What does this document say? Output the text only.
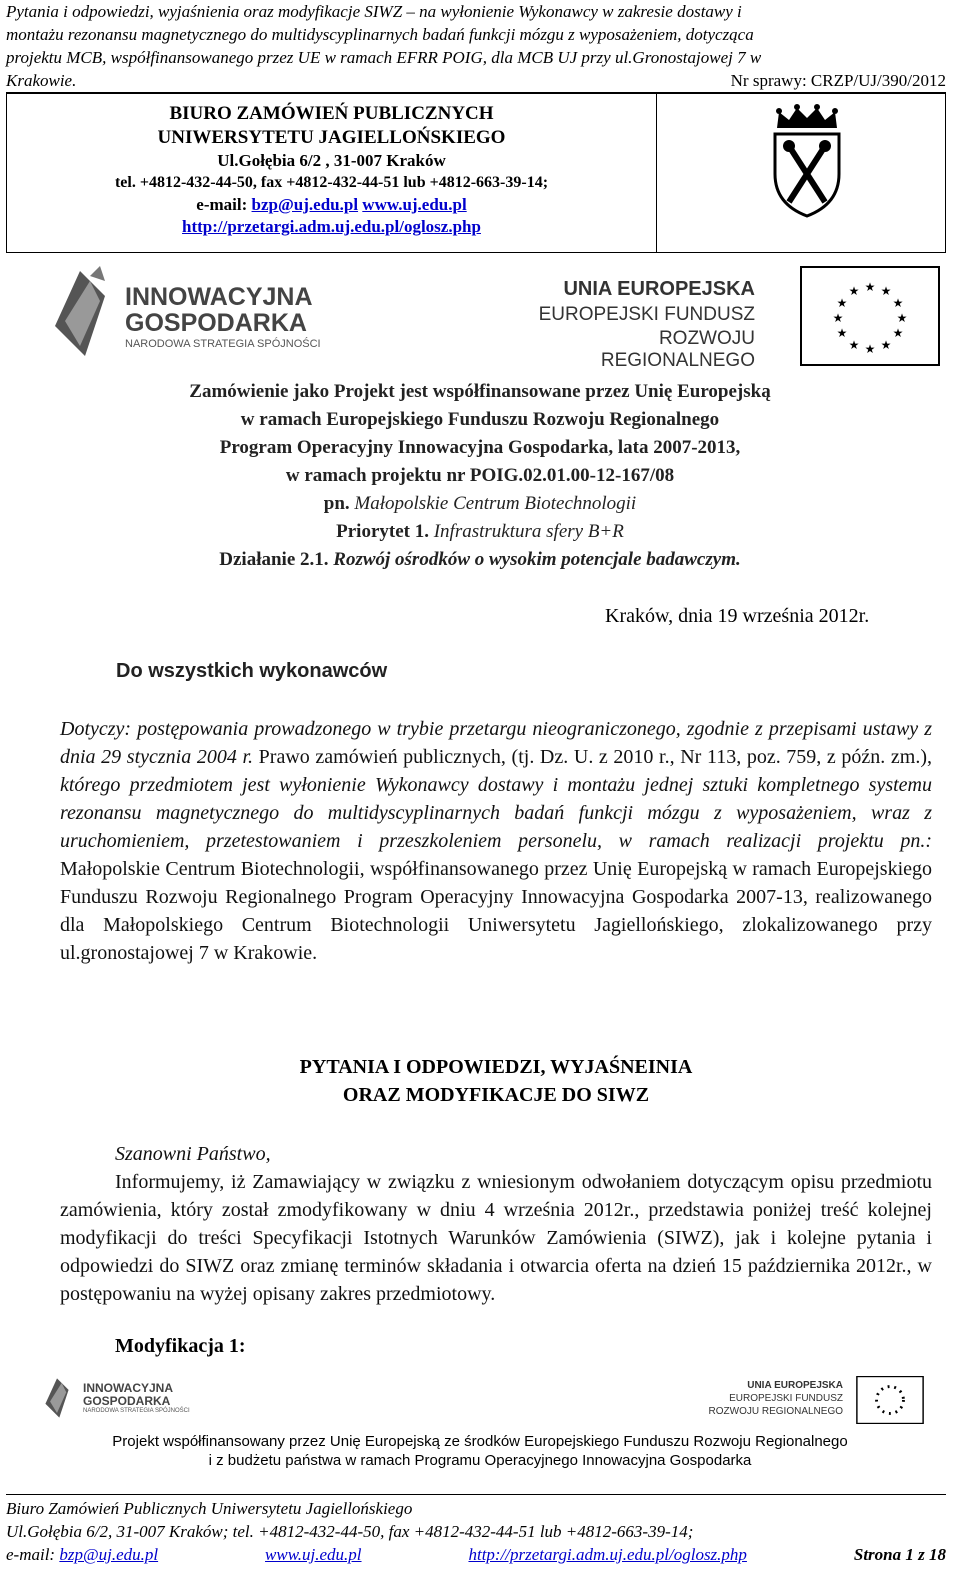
Pytania i odpowiedzi, wyjaśnienia oraz modyfikacje SIWZ – na wyłonienie Wykonawcy w zakresie dostawy i
montażu rezonansu magnetycznego do multidyscyplinarnych badań funkcji mózgu z wyposażeniem, dotycząca
projektu MCB, współfinansowanego przez UE w ramach EFRR POIG, dla MCB UJ przy ul.Gronostajowej 7 w
Krakowie.	Nr sprawy: CRZP/UJ/390/2012
BIURO ZAMÓWIEŃ PUBLICZNYCH
UNIWERSYTETU JAGIELLOŃSKIEGO
Ul.Gołębia 6/2 , 31-007 Kraków
tel. +4812-432-44-50, fax +4812-432-44-51 lub +4812-663-39-14;
e-mail: bzp@uj.edu.pl www.uj.edu.pl
http://przetargi.adm.uj.edu.pl/oglosz.php
INNOWACYJNA
GOSPODARKA
NARODOWA STRATEGIA SPÓJNOŚCI
UNIA EUROPEJSKA
EUROPEJSKI FUNDUSZ
ROZWOJU REGIONALNEGO
★ ★
★
★
★
★
★
★
★
★
★
★
Zamówienie jako Projekt jest współfinansowane przez Unię Europejską
w ramach Europejskiego Funduszu Rozwoju Regionalnego
Program Operacyjny Innowacyjna Gospodarka, lata 2007-2013,
w ramach projektu nr POIG.02.01.00-12-167/08
pn. Małopolskie Centrum Biotechnologii
Priorytet 1. Infrastruktura sfery B+R
Działanie 2.1. Rozwój ośrodków o wysokim potencjale badawczym.
Kraków, dnia 19 września 2012r.
Do wszystkich wykonawców
Dotyczy: postępowania prowadzonego w trybie przetargu nieograniczonego, zgodnie z przepisami ustawy z dnia 29 stycznia 2004 r. Prawo zamówień publicznych, (tj. Dz. U. z 2010 r., Nr 113, poz. 759, z późn. zm.), którego przedmiotem jest wyłonienie Wykonawcy dostawy i montażu jednej sztuki kompletnego systemu rezonansu magnetycznego do multidyscyplinarnych badań funkcji mózgu z wyposażeniem, wraz z uruchomieniem, przetestowaniem i przeszkoleniem personelu, w ramach realizacji projektu pn.: Małopolskie Centrum Biotechnologii, współfinansowanego przez Unię Europejską w ramach Europejskiego Funduszu Rozwoju Regionalnego Program Operacyjny Innowacyjna Gospodarka 2007-13, realizowanego dla Małopolskiego Centrum Biotechnologii Uniwersytetu Jagiellońskiego, zlokalizowanego przy ul.gronostajowej 7 w Krakowie.
PYTANIA I ODPOWIEDZI, WYJAŚNEINIA
ORAZ MODYFIKACJE DO SIWZ
Szanowni Państwo,
Informujemy, iż Zamawiający w związku z wniesionym odwołaniem dotyczącym opisu przedmiotu zamówienia, który został zmodyfikowany w dniu 4 września 2012r., przedstawia poniżej treść kolejnej modyfikacji do treści Specyfikacji Istotnych Warunków Zamówienia (SIWZ), jak i kolejne pytania i odpowiedzi do SIWZ oraz zmianę terminów składania i otwarcia oferta na dzień 15 października 2012r., w postępowaniu na wyżej opisany zakres przedmiotowy.
Modyfikacja 1:
INNOWACYJNA
GOSPODARKA
NARODOWA STRATEGIA SPÓJNOŚCI
UNIA EUROPEJSKA
EUROPEJSKI FUNDUSZ
ROZWOJU REGIONALNEGO
Projekt współfinansowany przez Unię Europejską ze środków Europejskiego Funduszu Rozwoju Regionalnego
i z budżetu państwa w ramach Programu Operacyjnego Innowacyjna Gospodarka
Biuro Zamówień Publicznych Uniwersytetu Jagiellońskiego
Ul.Gołębia 6/2, 31-007 Kraków; tel. +4812-432-44-50, fax +4812-432-44-51 lub +4812-663-39-14;
e-mail: bzp@uj.edu.pl	www.uj.edu.pl	http://przetargi.adm.uj.edu.pl/oglosz.php	Strona 1 z 18
